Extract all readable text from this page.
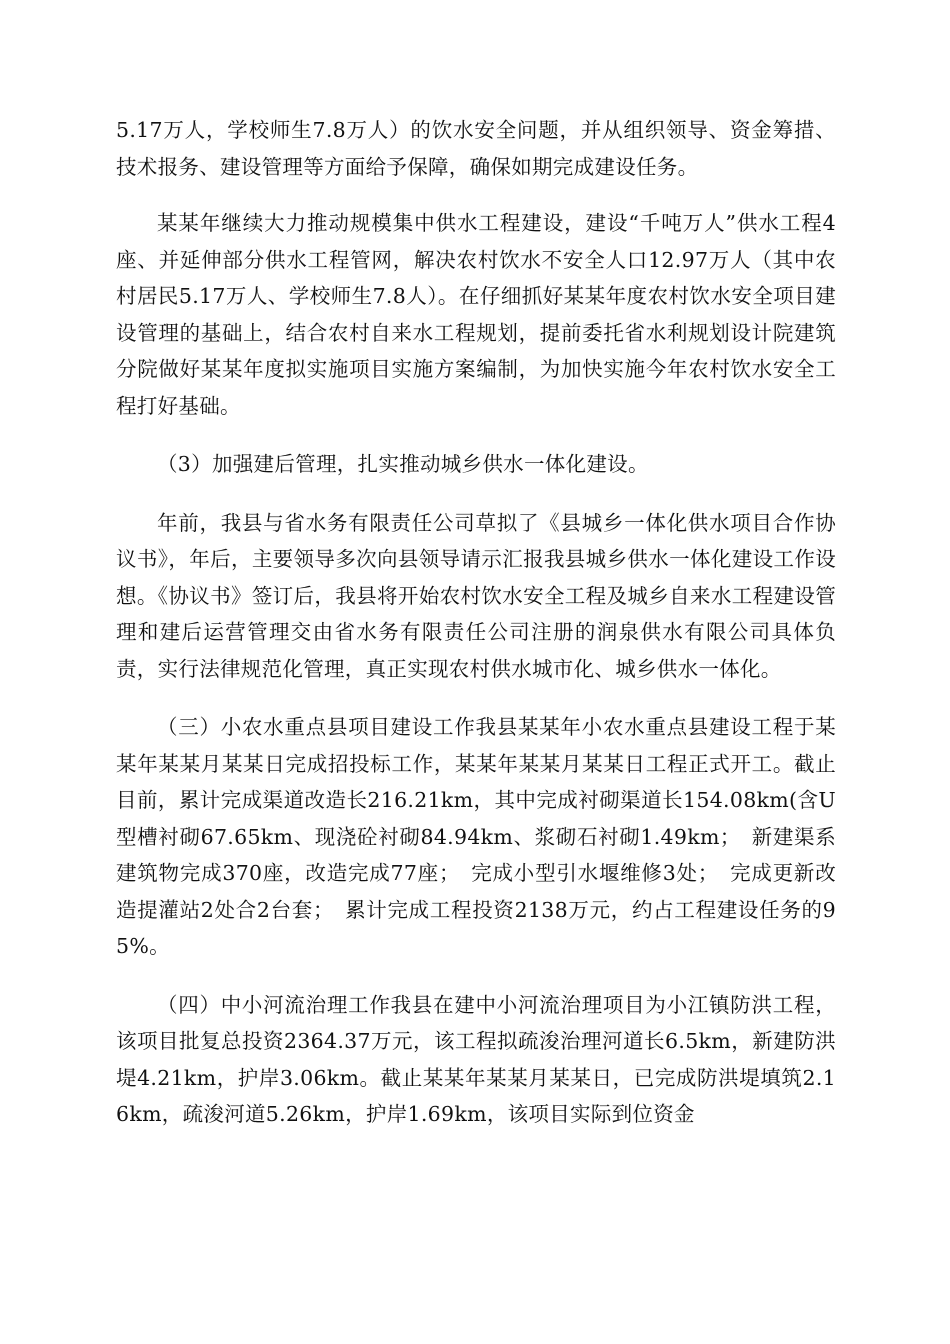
5.17万人，学校师生7.8万人）的饮水安全问题，并从组织领导、资金筹措、技术报务、建设管理等方面给予保障，确保如期完成建设任务。

某某年继续大力推动规模集中供水工程建设，建设“千吨万人”供水工程4座、并延伸部分供水工程管网，解决农村饮水不安全人口12.97万人（其中农村居民5.17万人、学校师生7.8人）。在仔细抓好某某年度农村饮水安全项目建设管理的基础上，结合农村自来水工程规划，提前委托省水利规划设计院建筑分院做好某某年度拟实施项目实施方案编制，为加快实施今年农村饮水安全工程打好基础。

（3）加强建后管理，扎实推动城乡供水一体化建设。

年前，我县与省水务有限责任公司草拟了《县城乡一体化供水项目合作协议书》，年后，主要领导多次向县领导请示汇报我县城乡供水一体化建设工作设想。《协议书》签订后，我县将开始农村饮水安全工程及城乡自来水工程建设管理和建后运营管理交由省水务有限责任公司注册的润泉供水有限公司具体负责，实行法律规范化管理，真正实现农村供水城市化、城乡供水一体化。

（三）小农水重点县项目建设工作我县某某年小农水重点县建设工程于某某年某某月某某日完成招投标工作，某某年某某月某某日工程正式开工。截止目前，累计完成渠道改造长216.21km，其中完成衬砌渠道长154.08km(含U型槽衬砌67.65km、现浇砼衬砌84.94km、浆砌石衬砌1.49km；　新建渠系建筑物完成370座，改造完成77座；　完成小型引水堰维修3处；　完成更新改造提灌站2处合2台套；　累计完成工程投资2138万元，约占工程建设任务的95%。

（四）中小河流治理工作我县在建中小河流治理项目为小江镇防洪工程，该项目批复总投资2364.37万元，该工程拟疏浚治理河道长6.5km，新建防洪堤4.21km，护岸3.06km。截止某某年某某月某某日，已完成防洪堤填筑2.16km，疏浚河道5.26km，护岸1.69km，该项目实际到位资金
